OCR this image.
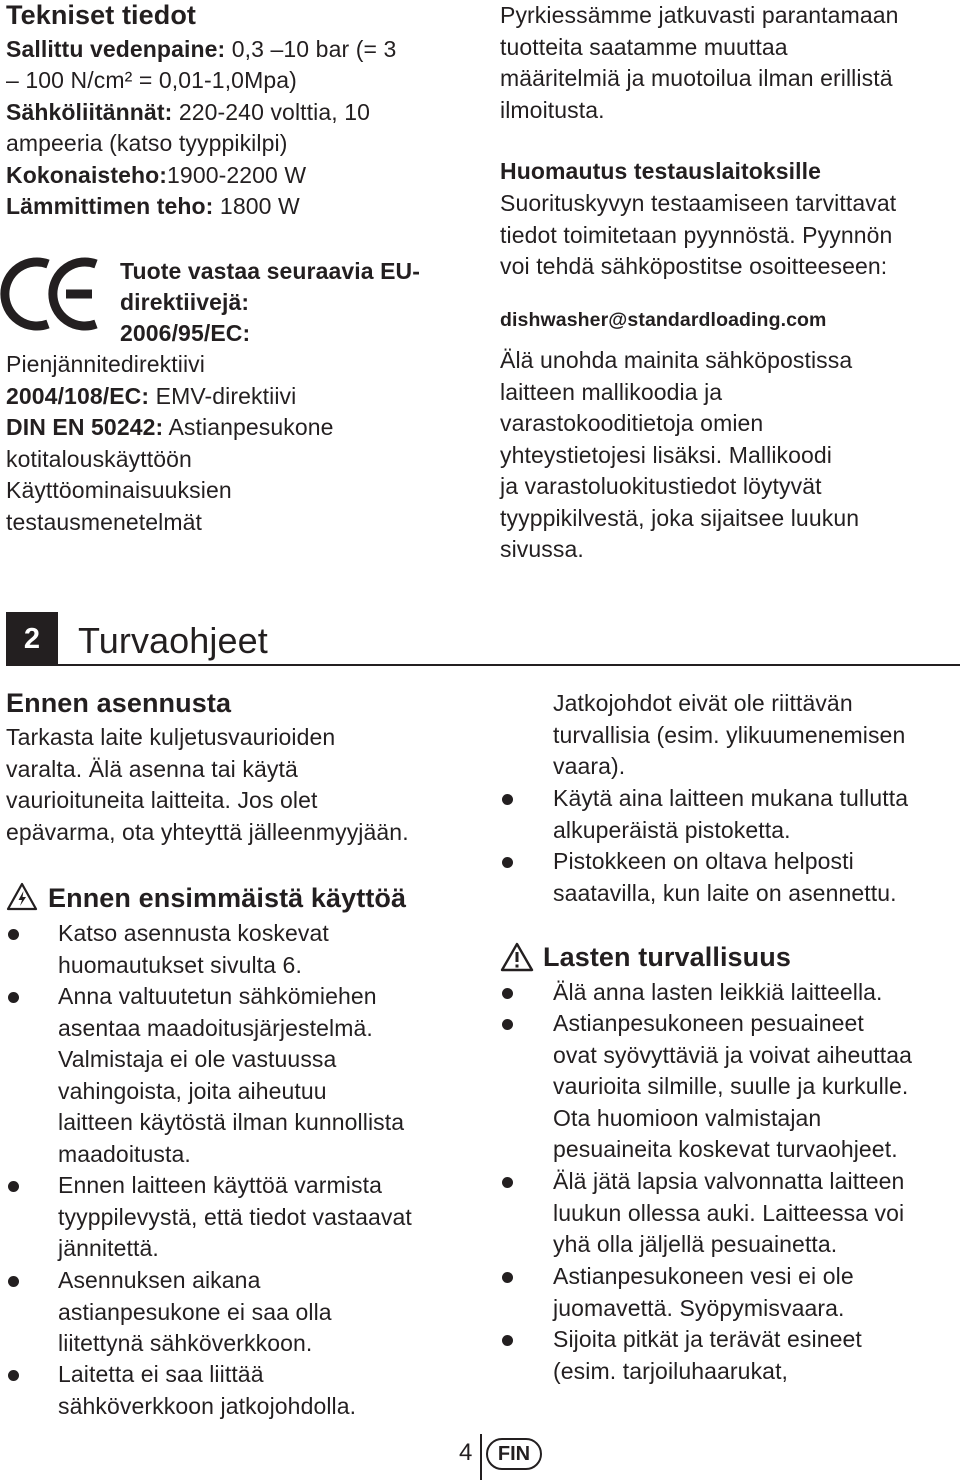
Tekniset tiedot
Sallittu vedenpaine: 0,3 –10 bar (= 3
– 100 N/cm² = 0,01-1,0Mpa)
Sähköliitännät: 220-240 volttia, 10
ampeeria (katso tyyppikilpi)
Kokonaisteho:1900-2200 W
Lämmittimen teho: 1800 W
Tuote vastaa seuraavia EU-
direktiivejä:
2006/95/EC:
Pienjännitedirektiivi
2004/108/EC: EMV-direktiivi
DIN EN 50242: Astianpesukone
kotitalouskäyttöön
Käyttöominaisuuksien
testausmenetelmät
Pyrkiessämme jatkuvasti parantamaan
tuotteita saatamme muuttaa
määritelmiä ja muotoilua ilman erillistä
ilmoitusta.
Huomautus testauslaitoksille
Suorituskyvyn testaamiseen tarvittavat
tiedot toimitetaan pyynnöstä. Pyynnön
voi tehdä sähköpostitse osoitteeseen:
dishwasher@standardloading.com
Älä unohda mainita sähköpostissa
laitteen mallikoodia ja
varastokooditietoja omien
yhteystietojesi lisäksi. Mallikoodi
ja varastoluokitustiedot löytyvät
tyyppikilvestä, joka sijaitsee luukun
sivussa.
2	Turvaohjeet
Ennen asennusta
Tarkasta laite kuljetusvaurioiden
varalta. Älä asenna tai käytä
vaurioituneita laitteita. Jos olet
epävarma, ota yhteyttä jälleenmyyjään.
Ennen ensimmäistä käyttöä
Katso asennusta koskevat
huomautukset sivulta 6.
Anna valtuutetun sähkömiehen
asentaa maadoitusjärjestelmä.
Valmistaja ei ole vastuussa
vahingoista, joita aiheutuu
laitteen käytöstä ilman kunnollista
maadoitusta.
Ennen laitteen käyttöä varmista
tyyppilevystä, että tiedot vastaavat
jännitettä.
Asennuksen aikana
astianpesukone ei saa olla
liitettynä sähköverkkoon.
Laitetta ei saa liittää
sähköverkkoon jatkojohdolla.
Jatkojohdot eivät ole riittävän
turvallisia (esim. ylikuumenemisen
vaara).
Käytä aina laitteen mukana tullutta
alkuperäistä pistoketta.
Pistokkeen on oltava helposti
saatavilla, kun laite on asennettu.
Lasten turvallisuus
Älä anna lasten leikkiä laitteella.
Astianpesukoneen pesuaineet
ovat syövyttäviä ja voivat aiheuttaa
vaurioita silmille, suulle ja kurkulle.
Ota huomioon valmistajan
pesuaineita koskevat turvaohjeet.
Älä jätä lapsia valvonnatta laitteen
luukun ollessa auki. Laitteessa voi
yhä olla jäljellä pesuainetta.
Astianpesukoneen vesi ei ole
juomavettä. Syöpymisvaara.
Sijoita pitkät ja terävät esineet
(esim. tarjoiluhaarukat,
4	FIN
